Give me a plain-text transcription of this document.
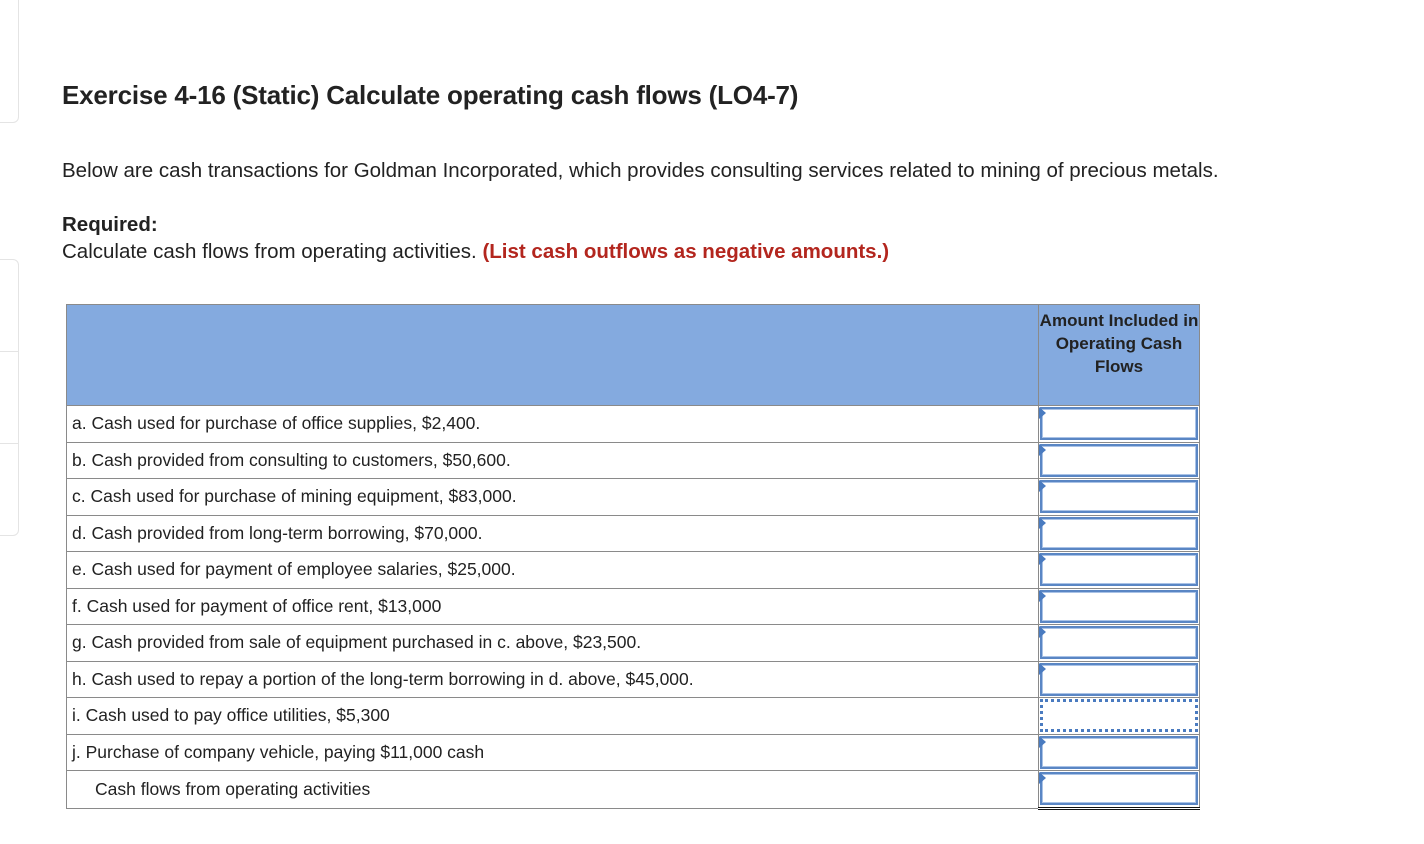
Exercise 4-16 (Static) Calculate operating cash flows (LO4-7)

Below are cash transactions for Goldman Incorporated, which provides consulting services related to mining of precious metals.

Required:

Calculate cash flows from operating activities. (List cash outflows as negative amounts.)

	Amount Included in Operating Cash Flows
a. Cash used for purchase of office supplies, $2,400.	

b. Cash provided from consulting to customers, $50,600.	

c. Cash used for purchase of mining equipment, $83,000.	

d. Cash provided from long-term borrowing, $70,000.	

e. Cash used for payment of employee salaries, $25,000.	

f. Cash used for payment of office rent, $13,000	

g. Cash provided from sale of equipment purchased in c. above, $23,500.	

h. Cash used to repay a portion of the long-term borrowing in d. above, $45,000.	

i. Cash used to pay office utilities, $5,300	

j. Purchase of company vehicle, paying $11,000 cash	

Cash flows from operating activities	
